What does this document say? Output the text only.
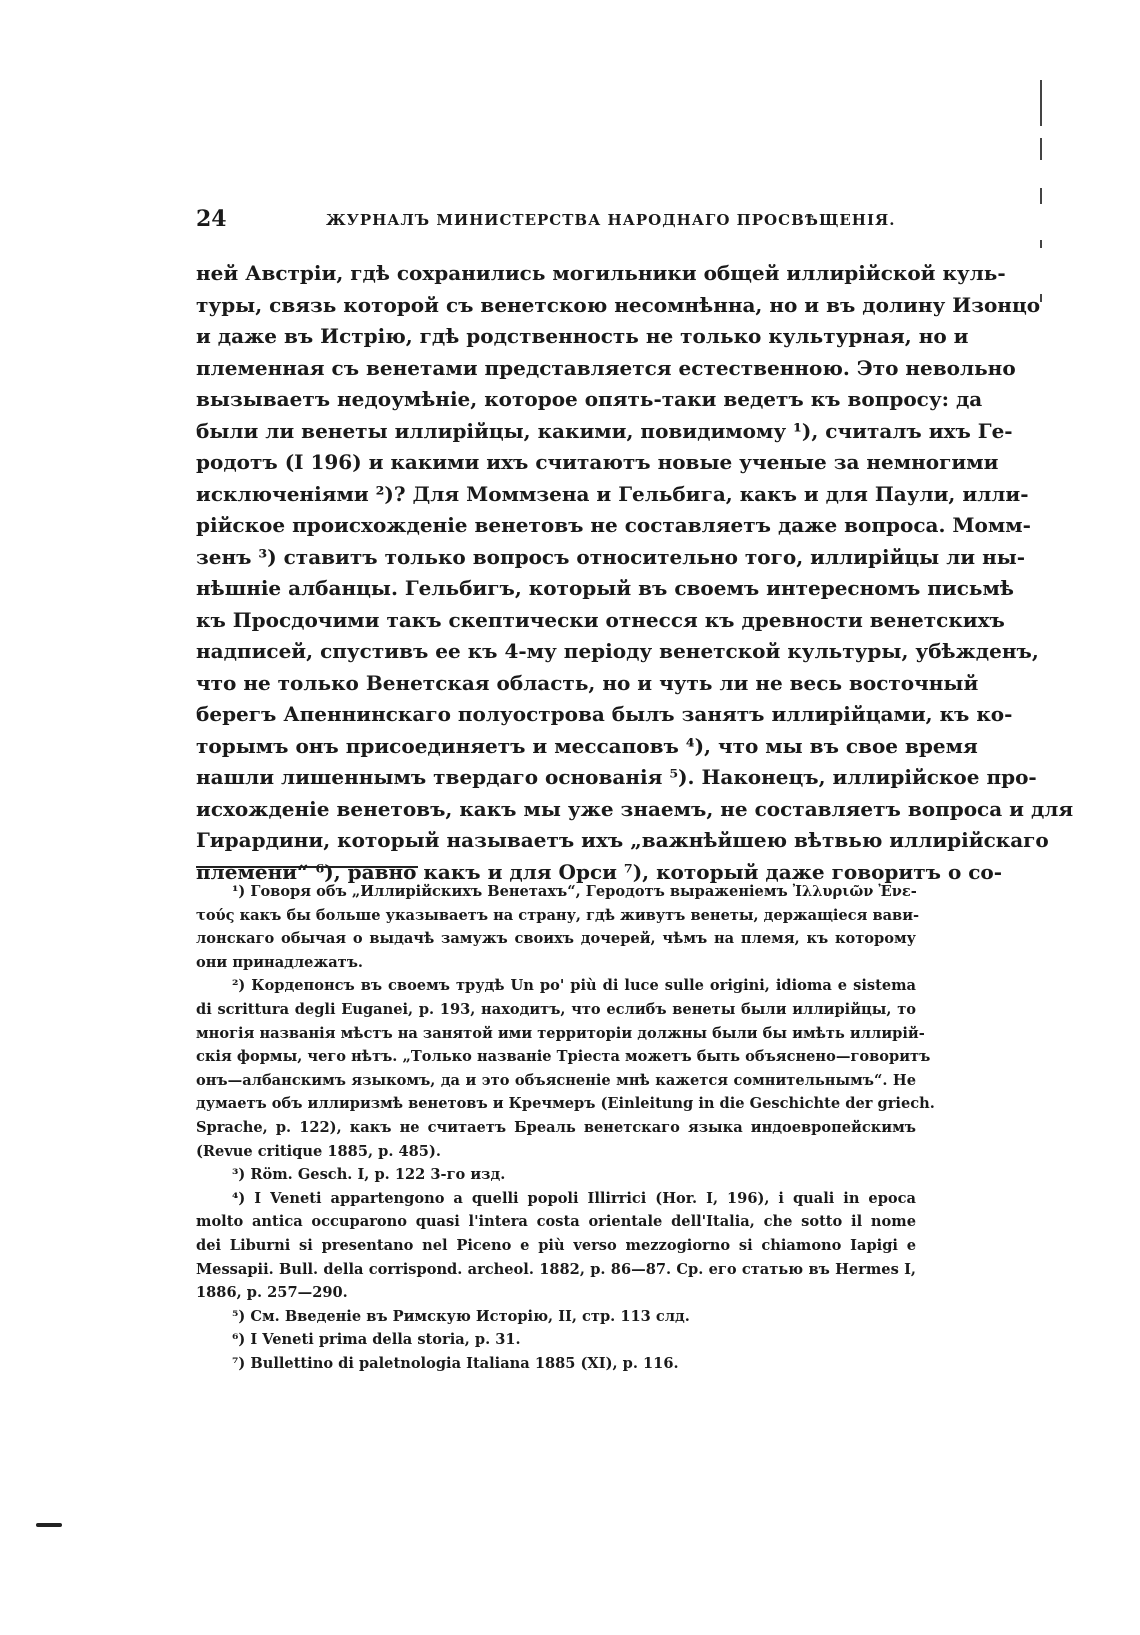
24	ЖУРНАЛЪ МИНИСТЕРСТВА НАРОДНАГО ПРОСВѢЩЕНІЯ.
ней Австріи, гдѣ сохранились могильники общей иллирійской куль-
туры, связь которой съ венетскою несомнѣнна, но и въ долину Изонцо
и даже въ Истрію, гдѣ родственность не только культурная, но и
племенная съ венетами представляется естественною. Это невольно
вызываетъ недоумѣніе, которое опять-таки ведетъ къ вопросу: да
были ли венеты иллирійцы, какими, повидимому ¹), считалъ ихъ Ге-
родотъ (I 196) и какими ихъ считаютъ новые ученые за немногими
исключеніями ²)? Для Моммзена и Гельбига, какъ и для Паули, илли-
рійское происхожденіе венетовъ не составляетъ даже вопроса. Момм-
зенъ ³) ставитъ только вопросъ относительно того, иллирійцы ли ны-
нѣшніе албанцы. Гельбигъ, который въ своемъ интересномъ письмѣ
къ Просдочими такъ скептически отнесся къ древности венетскихъ
надписей, спустивъ ее къ 4-му періоду венетской культуры, убѣжденъ,
что не только Венетская область, но и чуть ли не весь восточный
берегъ Апеннинскаго полуострова былъ занятъ иллирійцами, къ ко-
торымъ онъ присоединяетъ и мессаповъ ⁴), что мы въ свое время
нашли лишеннымъ твердаго основанія ⁵). Наконецъ, иллирійское про-
исхожденіе венетовъ, какъ мы уже знаемъ, не составляетъ вопроса и для
Гирардини, который называетъ ихъ „важнѣйшею вѣтвью иллирійскаго
племени“ ⁶), равно какъ и для Орси ⁷), который даже говоритъ о со-
¹) Говоря объ „Иллирійскихъ Венетахъ“, Геродотъ выраженіемъ Ἰλλυριῶν Ἐνε-
τούς какъ бы больше указываетъ на страну, гдѣ живутъ венеты, держащіеся вави-
лонскаго обычая о выдачѣ замужъ своихъ дочерей, чѣмъ на племя, къ которому
они принадлежатъ.
²) Кордепонсъ въ своемъ трудѣ Un po' più di luce sulle origini, idioma e sistema
di scrittura degli Euganei, p. 193, находитъ, что еслибъ венеты были иллирійцы, то
многія названія мѣстъ на занятой ими территоріи должны были бы имѣть иллирій-
скія формы, чего нѣтъ. „Только названіе Тріеста можетъ быть объяснено—говоритъ
онъ—албанскимъ языкомъ, да и это объясненіе мнѣ кажется сомнительнымъ“. Не
думаетъ объ иллиризмѣ венетовъ и Кречмеръ (Einleitung in die Geschichte der griech.
Sprache, p. 122), какъ не считаетъ Бреаль венетскаго языка индоевропейскимъ
(Revue critique 1885, p. 485).
³) Röm. Gesch. I, p. 122 3-го изд.
⁴) I Veneti appartengono a quelli popoli Illirrici (Hor. I, 196), i quali in epoca
molto antica occuparono quasi l'intera costa orientale dell'Italia, che sotto il nome
dei Liburni si presentano nel Piceno e più verso mezzogiorno si chiamono Iapigi e
Messapii. Bull. della corrispond. archeol. 1882, p. 86—87. Ср. его статью въ Hermes I,
1886, p. 257—290.
⁵) См. Введеніе въ Римскую Исторію, II, стр. 113 слд.
⁶) I Veneti prima della storia, p. 31.
⁷) Bullettino di paletnologia Italiana 1885 (XI), p. 116.
